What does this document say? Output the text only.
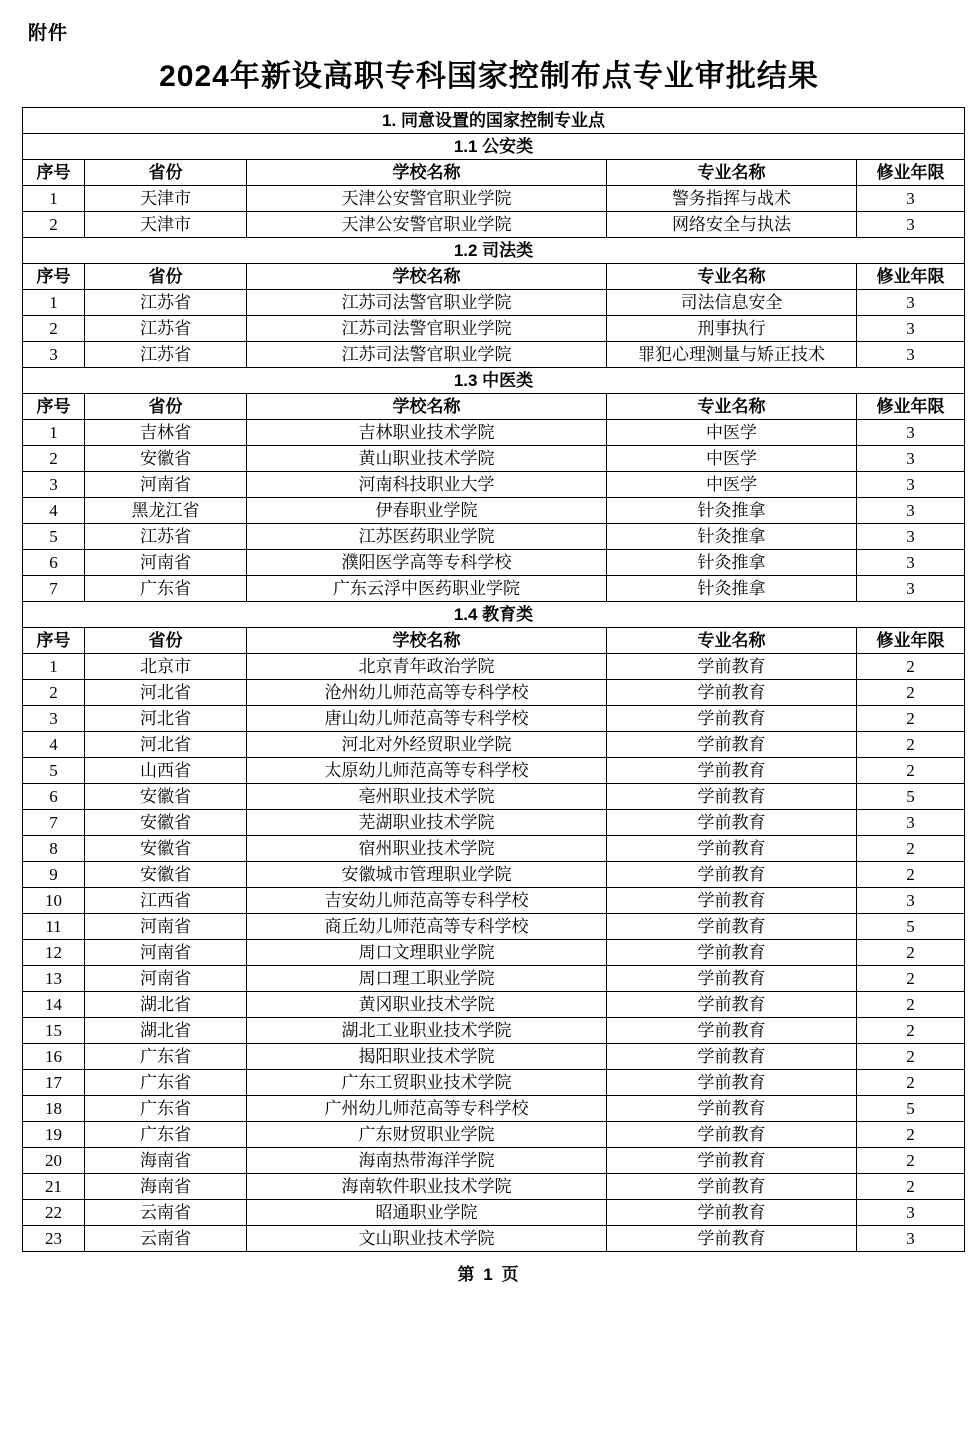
附件
2024年新设高职专科国家控制布点专业审批结果
1. 同意设置的国家控制专业点				
1.1 公安类				
序号	省份	学校名称	专业名称	修业年限
1	天津市	天津公安警官职业学院	警务指挥与战术	3
2	天津市	天津公安警官职业学院	网络安全与执法	3
1.2 司法类				
序号	省份	学校名称	专业名称	修业年限
1	江苏省	江苏司法警官职业学院	司法信息安全	3
2	江苏省	江苏司法警官职业学院	刑事执行	3
3	江苏省	江苏司法警官职业学院	罪犯心理测量与矫正技术	3
1.3 中医类				
序号	省份	学校名称	专业名称	修业年限
1	吉林省	吉林职业技术学院	中医学	3
2	安徽省	黄山职业技术学院	中医学	3
3	河南省	河南科技职业大学	中医学	3
4	黑龙江省	伊春职业学院	针灸推拿	3
5	江苏省	江苏医药职业学院	针灸推拿	3
6	河南省	濮阳医学高等专科学校	针灸推拿	3
7	广东省	广东云浮中医药职业学院	针灸推拿	3
1.4 教育类				
序号	省份	学校名称	专业名称	修业年限
1	北京市	北京青年政治学院	学前教育	2
2	河北省	沧州幼儿师范高等专科学校	学前教育	2
3	河北省	唐山幼儿师范高等专科学校	学前教育	2
4	河北省	河北对外经贸职业学院	学前教育	2
5	山西省	太原幼儿师范高等专科学校	学前教育	2
6	安徽省	亳州职业技术学院	学前教育	5
7	安徽省	芜湖职业技术学院	学前教育	3
8	安徽省	宿州职业技术学院	学前教育	2
9	安徽省	安徽城市管理职业学院	学前教育	2
10	江西省	吉安幼儿师范高等专科学校	学前教育	3
11	河南省	商丘幼儿师范高等专科学校	学前教育	5
12	河南省	周口文理职业学院	学前教育	2
13	河南省	周口理工职业学院	学前教育	2
14	湖北省	黄冈职业技术学院	学前教育	2
15	湖北省	湖北工业职业技术学院	学前教育	2
16	广东省	揭阳职业技术学院	学前教育	2
17	广东省	广东工贸职业技术学院	学前教育	2
18	广东省	广州幼儿师范高等专科学校	学前教育	5
19	广东省	广东财贸职业学院	学前教育	2
20	海南省	海南热带海洋学院	学前教育	2
21	海南省	海南软件职业技术学院	学前教育	2
22	云南省	昭通职业学院	学前教育	3
23	云南省	文山职业技术学院	学前教育	3
第 1 页
